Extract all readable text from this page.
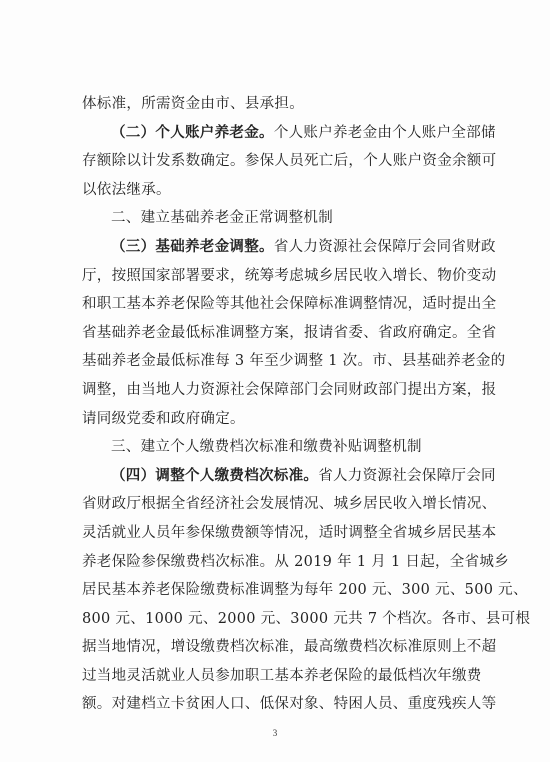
体标准，所需资金由市、县承担。
（二）个人账户养老金。个人账户养老金由个人账户全部储
存额除以计发系数确定。参保人员死亡后，个人账户资金余额可
以依法继承。
二、建立基础养老金正常调整机制
（三）基础养老金调整。省人力资源社会保障厅会同省财政
厅，按照国家部署要求，统筹考虑城乡居民收入增长、物价变动
和职工基本养老保险等其他社会保障标准调整情况，适时提出全
省基础养老金最低标准调整方案，报请省委、省政府确定。全省
基础养老金最低标准每 3 年至少调整 1 次。市、县基础养老金的
调整，由当地人力资源社会保障部门会同财政部门提出方案，报
请同级党委和政府确定。
三、建立个人缴费档次标准和缴费补贴调整机制
（四）调整个人缴费档次标准。省人力资源社会保障厅会同
省财政厅根据全省经济社会发展情况、城乡居民收入增长情况、
灵活就业人员年参保缴费额等情况，适时调整全省城乡居民基本
养老保险参保缴费档次标准。从 2019 年 1 月 1 日起，全省城乡
居民基本养老保险缴费标准调整为每年 200 元、300 元、500 元、
800 元、1000 元、2000 元、3000 元共 7 个档次。各市、县可根
据当地情况，增设缴费档次标准，最高缴费档次标准原则上不超
过当地灵活就业人员参加职工基本养老保险的最低档次年缴费
额。对建档立卡贫困人口、低保对象、特困人员、重度残疾人等
3
